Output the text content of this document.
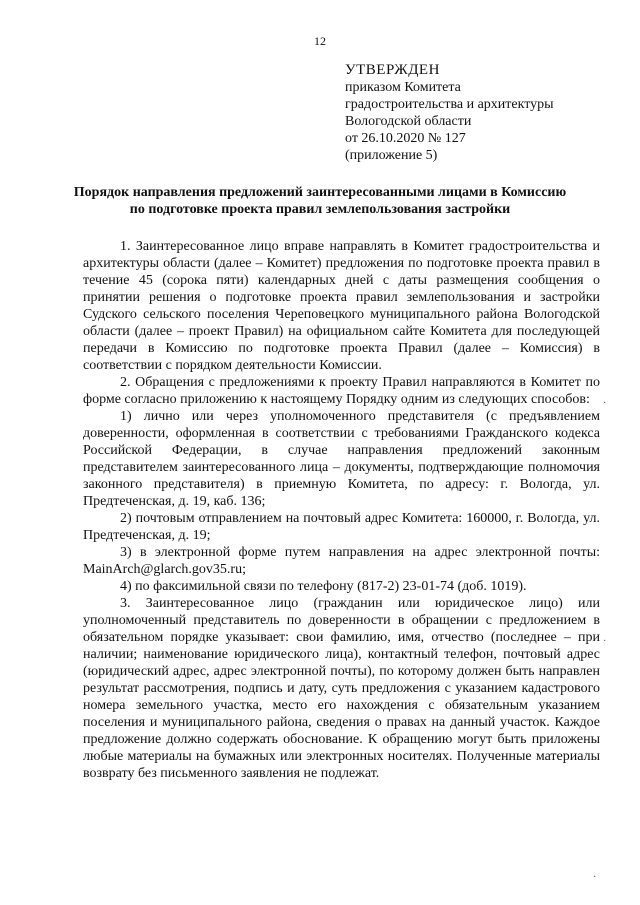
12
УТВЕРЖДЕН
приказом Комитета
градостроительства и архитектуры
Вологодской области
от 26.10.2020 № 127
(приложение 5)
Порядок направления предложений заинтересованными лицами в Комиссию
по подготовке проекта правил землепользования застройки

1. Заинтересованное лицо вправе направлять в Комитет градостроительства и архитектуры области (далее – Комитет) предложения по подготовке проекта правил в течение 45 (сорока пяти) календарных дней с даты размещения сообщения о принятии решения о подготовке проекта правил землепользования и застройки Судского сельского поселения Череповецкого муниципального района Вологодской области (далее – проект Правил) на официальном сайте Комитета для последующей передачи в Комиссию по подготовке проекта Правил (далее – Комиссия) в соответствии с порядком деятельности Комиссии.

2. Обращения с предложениями к проекту Правил направляются в Комитет по форме согласно приложению к настоящему Порядку одним из следующих способов:

1) лично или через уполномоченного представителя (с предъявлением доверенности, оформленная в соответствии с требованиями Гражданского кодекса Российской Федерации, в случае направления предложений законным представителем заинтересованного лица – документы, подтверждающие полномочия законного представителя) в приемную Комитета, по адресу: г. Вологда, ул. Предтеченская, д. 19, каб. 136;

2) почтовым отправлением на почтовый адрес Комитета: 160000, г. Вологда, ул. Предтеченская, д. 19;

3) в электронной форме путем направления на адрес электронной почты: MainArch@glarch.gov35.ru;

4) по факсимильной связи по телефону (817-2) 23-01-74 (доб. 1019).

3. Заинтересованное лицо (гражданин или юридическое лицо) или уполномоченный представитель по доверенности в обращении с предложением в обязательном порядке указывает: свои фамилию, имя, отчество (последнее – при наличии; наименование юридического лица), контактный телефон, почтовый адрес (юридический адрес, адрес электронной почты), по которому должен быть направлен результат рассмотрения, подпись и дату, суть предложения с указанием кадастрового номера земельного участка, место его нахождения с обязательным указанием поселения и муниципального района, сведения о правах на данный участок. Каждое предложение должно содержать обоснование. К обращению могут быть приложены любые материалы на бумажных или электронных носителях. Полученные материалы возврату без письменного заявления не подлежат.

·
·
·
